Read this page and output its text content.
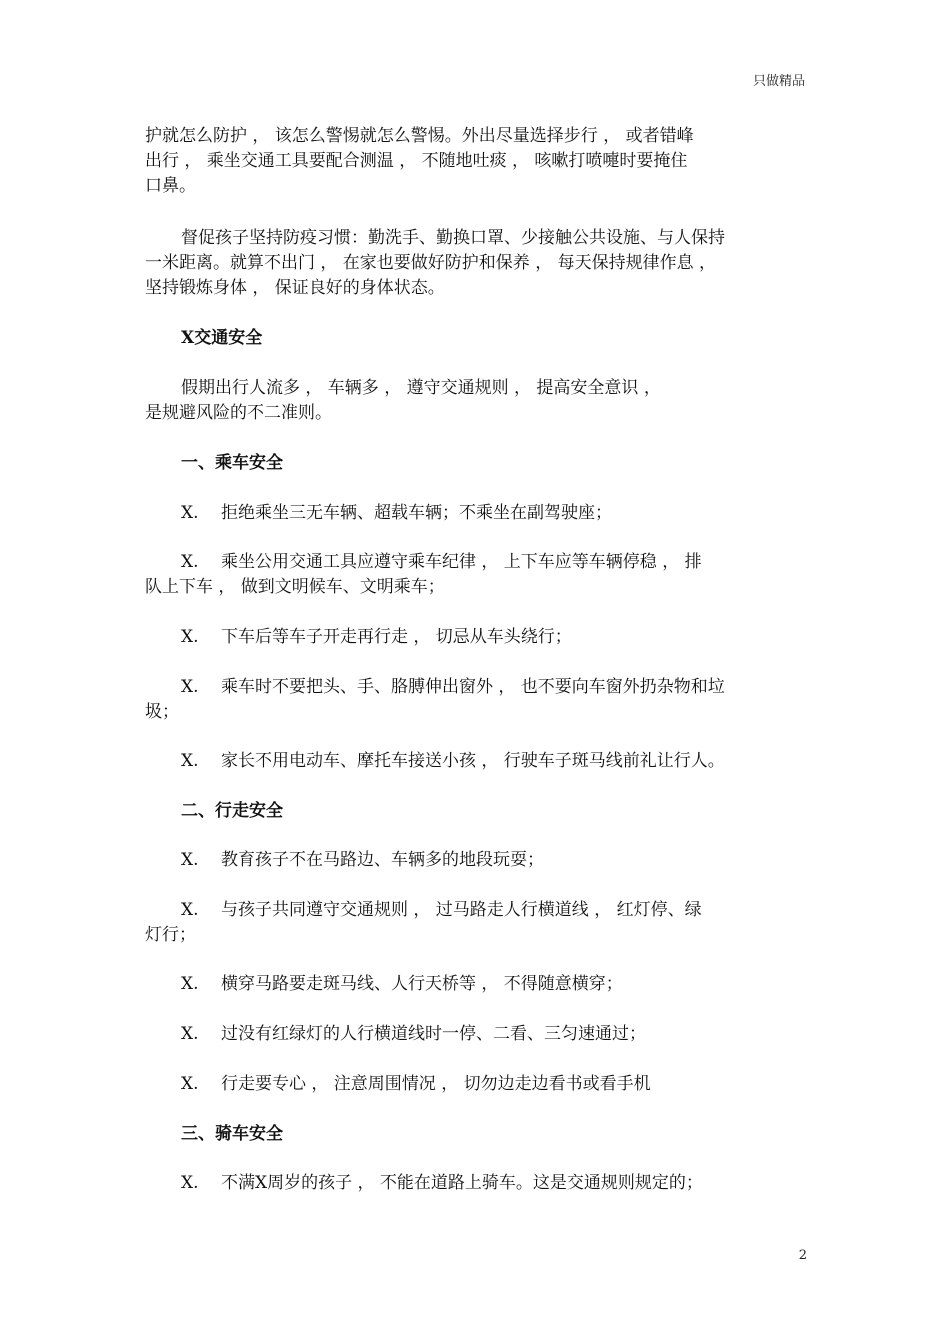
只做精品

护就怎么防护 ， 该怎么警惕就怎么警惕。外出尽量选择步行 ， 或者错峰

出行 ， 乘坐交通工具要配合测温 ， 不随地吐痰 ， 咳嗽打喷嚏时要掩住

口鼻。

督促孩子坚持防疫习惯：勤洗手、勤换口罩、少接触公共设施、与人保持

一米距离。就算不出门 ， 在家也要做好防护和保养 ， 每天保持规律作息 ，

坚持锻炼身体 ， 保证良好的身体状态。

X交通安全

假期出行人流多 ， 车辆多 ， 遵守交通规则 ， 提高安全意识 ，

是规避风险的不二准则。

一、乘车安全
X. 拒绝乘坐三无车辆、超载车辆；不乘坐在副驾驶座；
X. 乘坐公用交通工具应遵守乘车纪律 ， 上下车应等车辆停稳 ， 排
队上下车 ， 做到文明候车、文明乘车；
X. 下车后等车子开走再行走 ， 切忌从车头绕行；
X. 乘车时不要把头、手、胳膊伸出窗外 ， 也不要向车窗外扔杂物和垃
圾；
X. 家长不用电动车、摩托车接送小孩 ， 行驶车子斑马线前礼让行人。
二、行走安全
X. 教育孩子不在马路边、车辆多的地段玩耍；
X. 与孩子共同遵守交通规则 ， 过马路走人行横道线 ， 红灯停、绿
灯行；
X. 横穿马路要走斑马线、人行天桥等 ， 不得随意横穿；
X. 过没有红绿灯的人行横道线时一停、二看、三匀速通过；
X. 行走要专心 ， 注意周围情况 ， 切勿边走边看书或看手机
三、骑车安全
X. 不满X周岁的孩子 ， 不能在道路上骑车。这是交通规则规定的；
2
